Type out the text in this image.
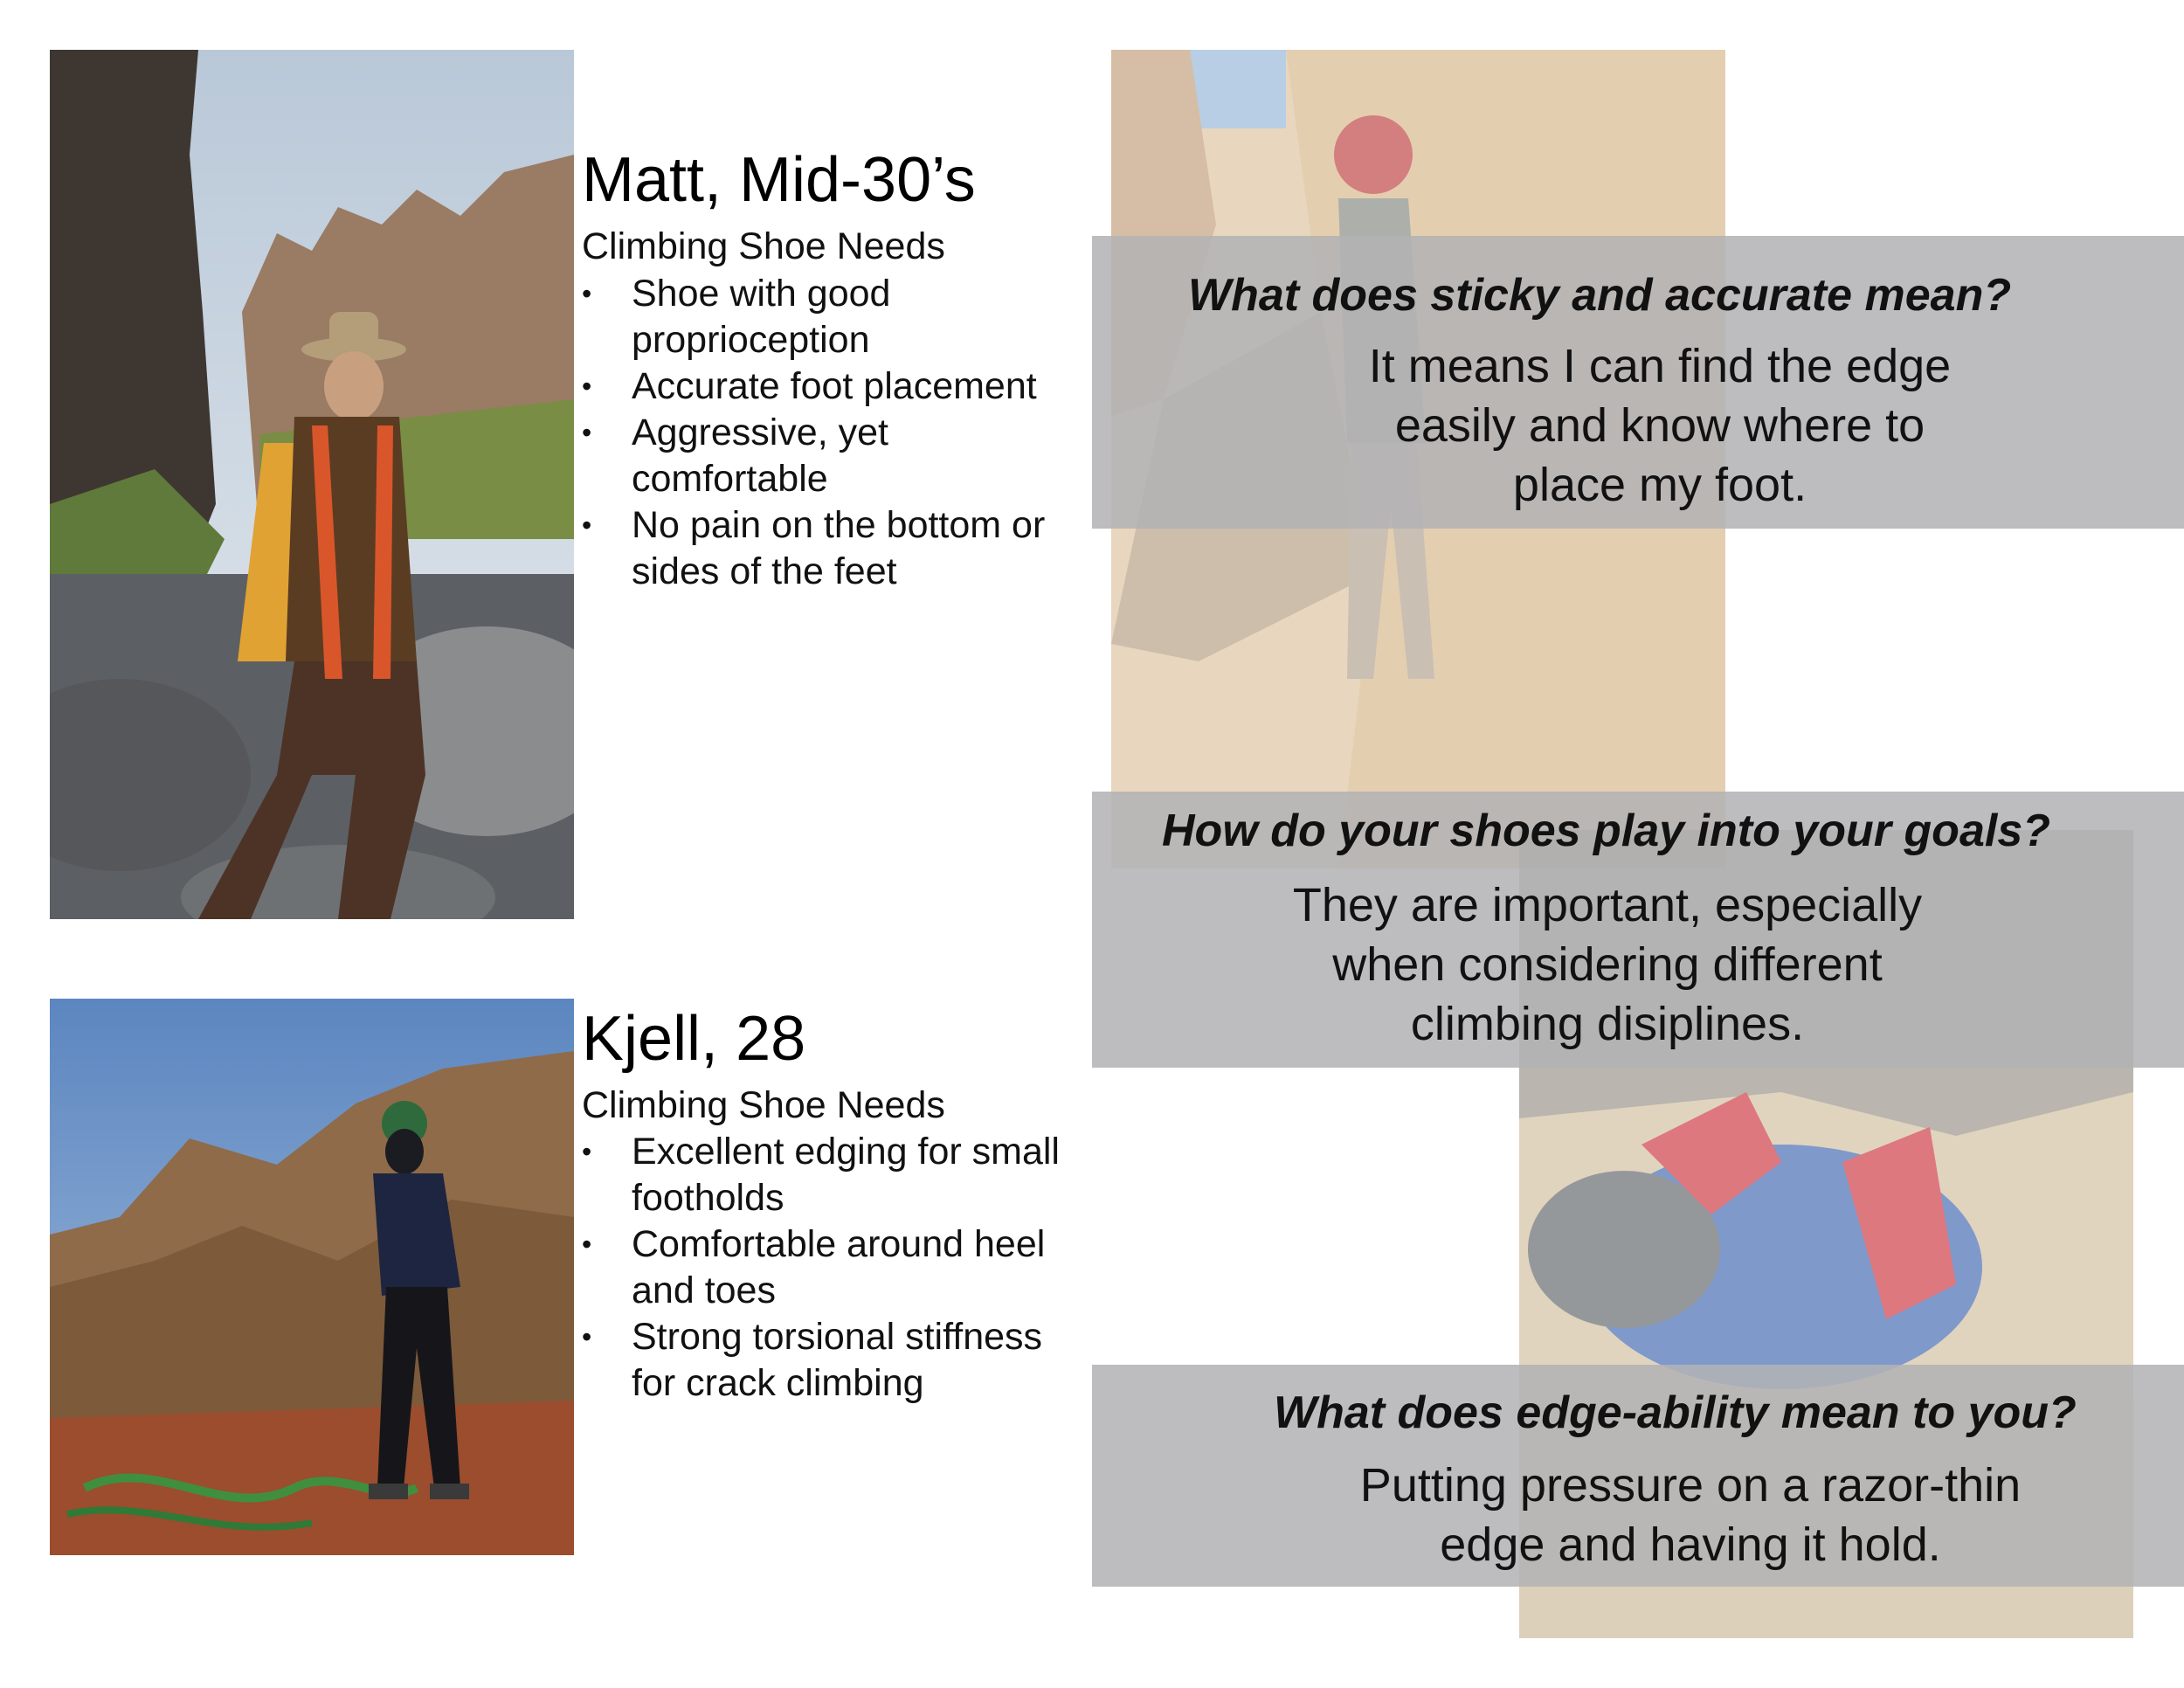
Matt, Mid-30’s
Climbing Shoe Needs
• Shoe with good proprioception
• Accurate foot placement
• Aggressive, yet comfortable
• No pain on the bottom or sides of the feet
Kjell, 28
Climbing Shoe Needs
• Excellent edging for small footholds
• Comfortable around heel and toes
• Strong torsional stiffness for crack climbing
What does sticky and accurate mean?
It means I can find the edge easily and know where to place my foot.
How do your shoes play into your goals?
They are important, especially when considering different climbing disiplines.
What does edge-ability mean to you?
Putting pressure on a razor-thin edge and having it hold.
